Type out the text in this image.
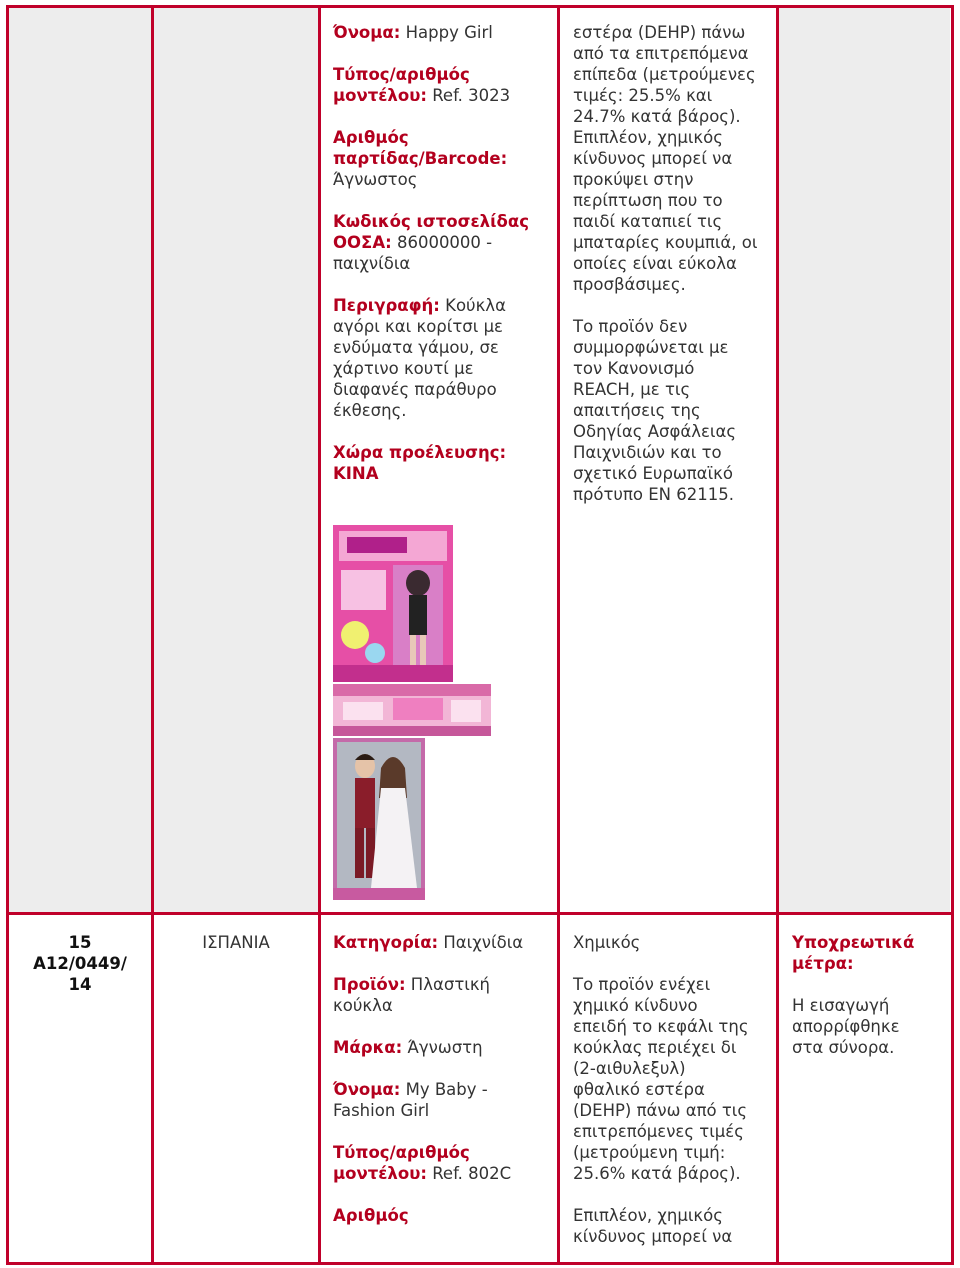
Όνομα: Happy Girl

Τύπος/αριθμός
μοντέλου: Ref. 3023

Αριθμός
παρτίδας/Barcode:
Άγνωστος

Κωδικός ιστοσελίδας
ΟΟΣΑ: 86000000 -
παιχνίδια

Περιγραφή: Κούκλα
αγόρι και κορίτσι με
ενδύματα γάμου, σε
χάρτινο κουτί με
διαφανές παράθυρο
έκθεσης.

Χώρα προέλευσης:
ΚΙΝΑ

εστέρα (DEHP) πάνω
από τα επιτρεπόμενα
επίπεδα (μετρούμενες
τιμές: 25.5% και
24.7% κατά βάρος).
Επιπλέον, χημικός
κίνδυνος μπορεί να
προκύψει στην
περίπτωση που το
παιδί καταπιεί τις
μπαταρίες κουμπιά, οι
οποίες είναι εύκολα
προσβάσιμες.

Το προϊόν δεν
συμμορφώνεται με
τον Κανονισμό
REACH, με τις
απαιτήσεις της
Οδηγίας Ασφάλειας
Παιχνιδιών και το
σχετικό Ευρωπαϊκό
πρότυπο EN 62115.

15
A12/0449/
14

ΙΣΠΑΝΙΑ	Κατηγορία: Παιχνίδια

Προϊόν: Πλαστική
κούκλα

Μάρκα: Άγνωστη

Όνομα: My Baby -
Fashion Girl

Τύπος/αριθμός
μοντέλου: Ref. 802C

Αριθμός

Χημικός

Το προϊόν ενέχει
χημικό κίνδυνο
επειδή το κεφάλι της
κούκλας περιέχει δι
(2-αιθυλεξυλ)
φθαλικό εστέρα
(DEHP) πάνω από τις
επιτρεπόμενες τιμές
(μετρούμενη τιμή:
25.6% κατά βάρος).

Επιπλέον, χημικός
κίνδυνος μπορεί να

Υποχρεωτικά
μέτρα:

Η εισαγωγή
απορρίφθηκε
στα σύνορα.
